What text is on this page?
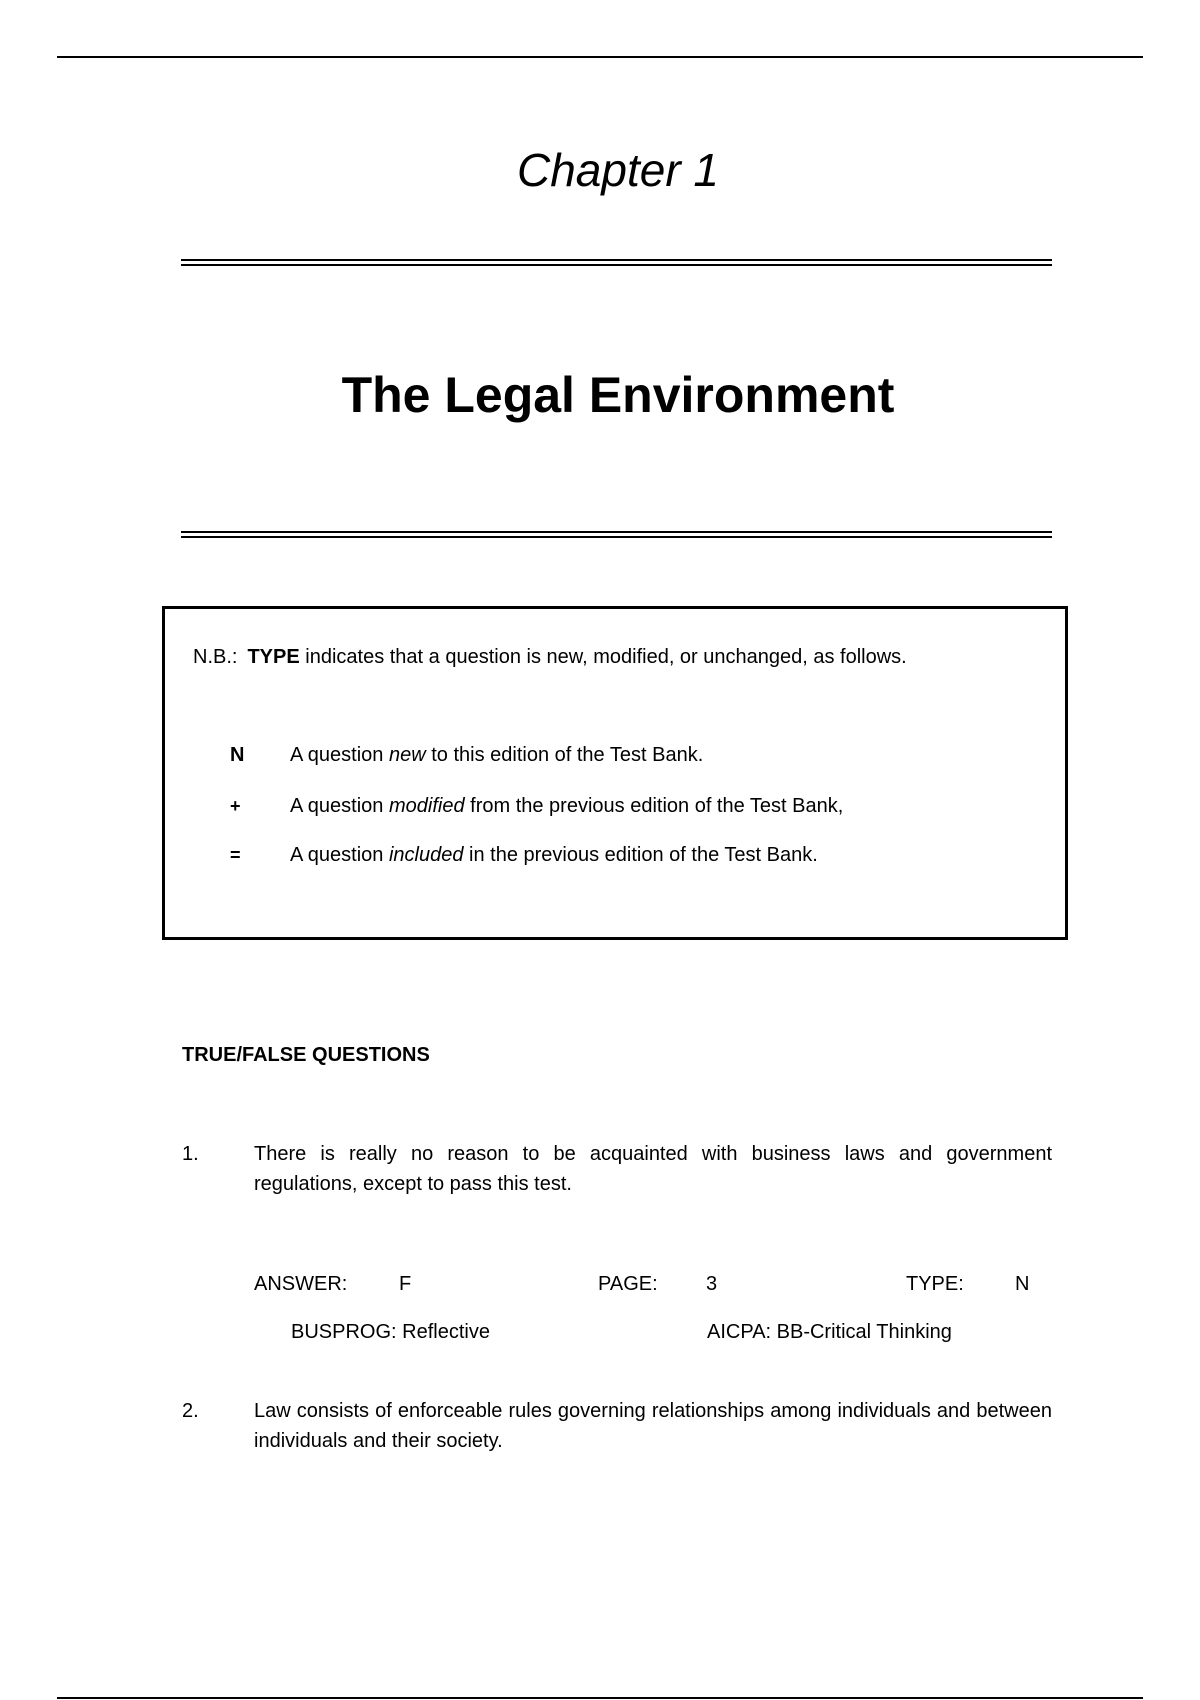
Chapter 1
The Legal Environment
N.B.: TYPE indicates that a question is new, modified, or unchanged, as follows.
N A question new to this edition of the Test Bank.
+ A question modified from the previous edition of the Test Bank,
= A question included in the previous edition of the Test Bank.
TRUE/FALSE QUESTIONS
1.	There is really no reason to be acquainted with business laws and government regulations, except to pass this test.
ANSWER:	F	PAGE: 3	TYPE:	N
BUSPROG: Reflective	AICPA: BB-Critical Thinking
2.	Law consists of enforceable rules governing relationships among individuals and between individuals and their society.
